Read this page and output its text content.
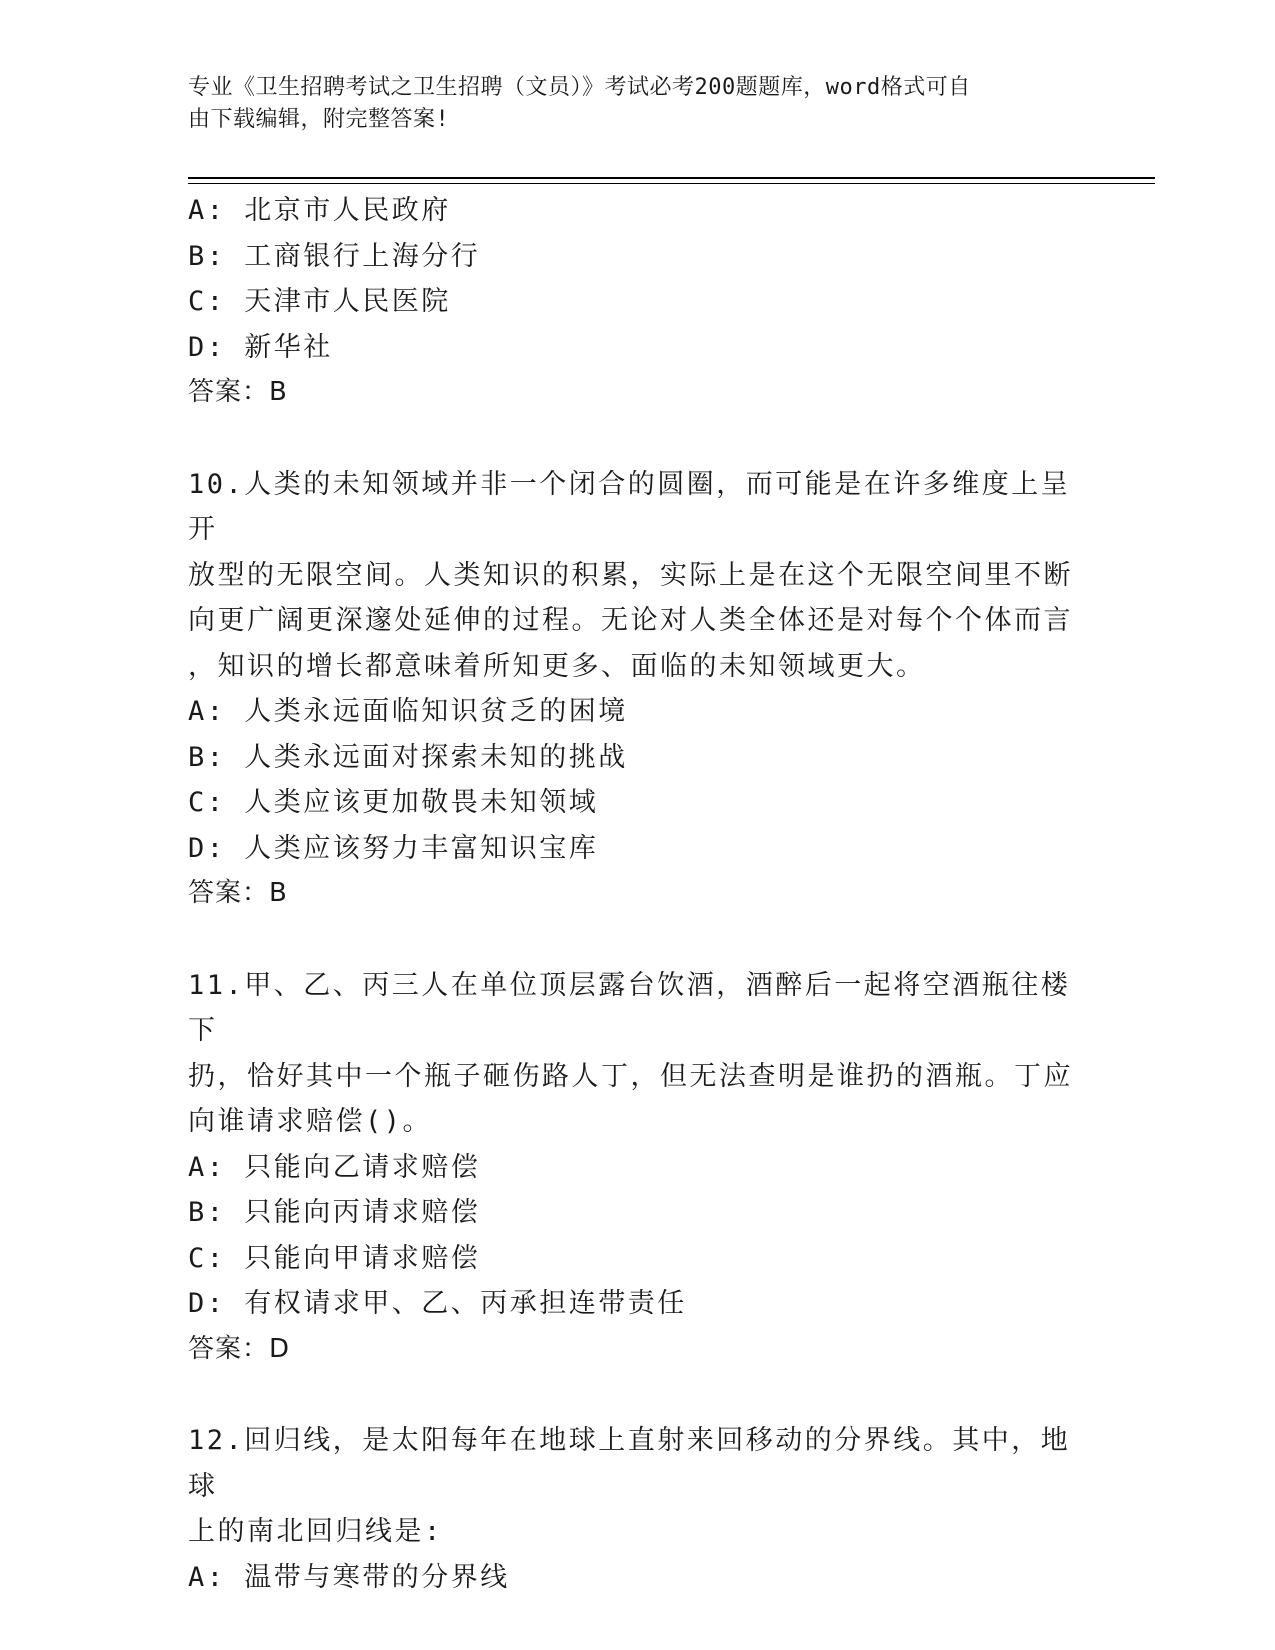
专业《卫生招聘考试之卫生招聘（文员）》考试必考200题题库，word格式可自
由下载编辑，附完整答案!
A: 北京市人民政府
B: 工商银行上海分行
C: 天津市人民医院
D: 新华社
答案：B
10.人类的未知领域并非一个闭合的圆圈，而可能是在许多维度上呈开
放型的无限空间。人类知识的积累，实际上是在这个无限空间里不断
向更广阔更深邃处延伸的过程。无论对人类全体还是对每个个体而言
，知识的增长都意味着所知更多、面临的未知领域更大。
A: 人类永远面临知识贫乏的困境
B: 人类永远面对探索未知的挑战
C: 人类应该更加敬畏未知领域
D: 人类应该努力丰富知识宝库
答案：B
11.甲、乙、丙三人在单位顶层露台饮酒，酒醉后一起将空酒瓶往楼下
扔，恰好其中一个瓶子砸伤路人丁，但无法查明是谁扔的酒瓶。丁应
向谁请求赔偿()。
A: 只能向乙请求赔偿
B: 只能向丙请求赔偿
C: 只能向甲请求赔偿
D: 有权请求甲、乙、丙承担连带责任
答案：D
12.回归线，是太阳每年在地球上直射来回移动的分界线。其中，地球
上的南北回归线是:
A: 温带与寒带的分界线
